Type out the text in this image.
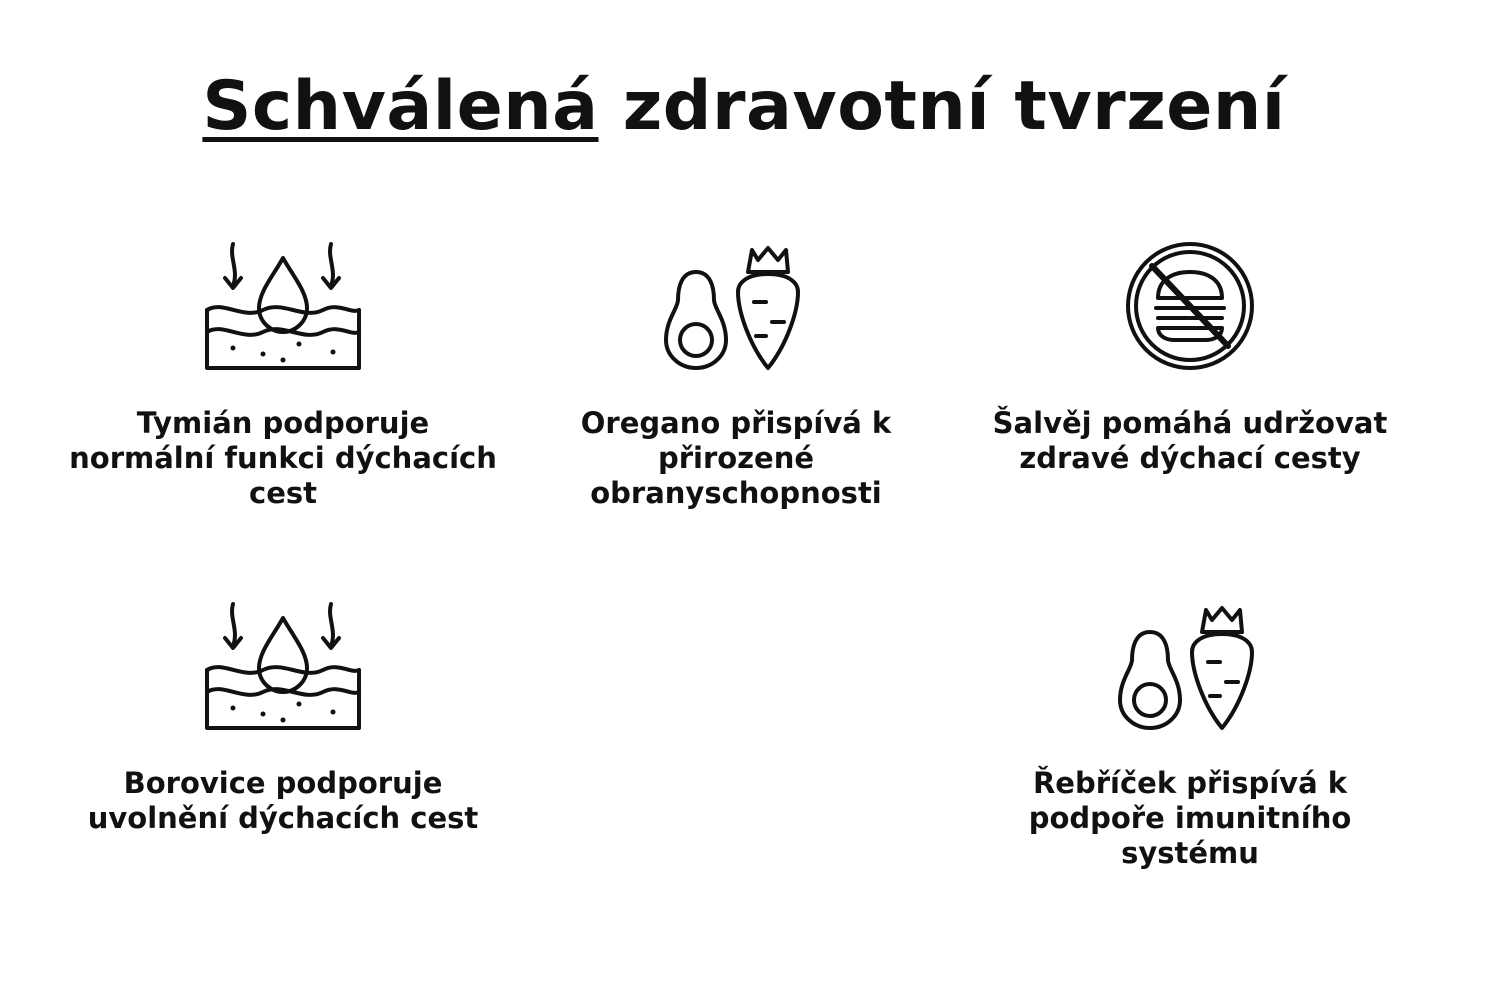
Schválená zdravotní tvrzení
Tymián podporuje normální funkci dýchacích cest
Oregano přispívá k přirozené obranyschopnosti
Šalvěj pomáhá udržovat zdravé dýchací cesty
Borovice podporuje uvolnění dýchacích cest
Řebříček přispívá k podpoře imunitního systému
